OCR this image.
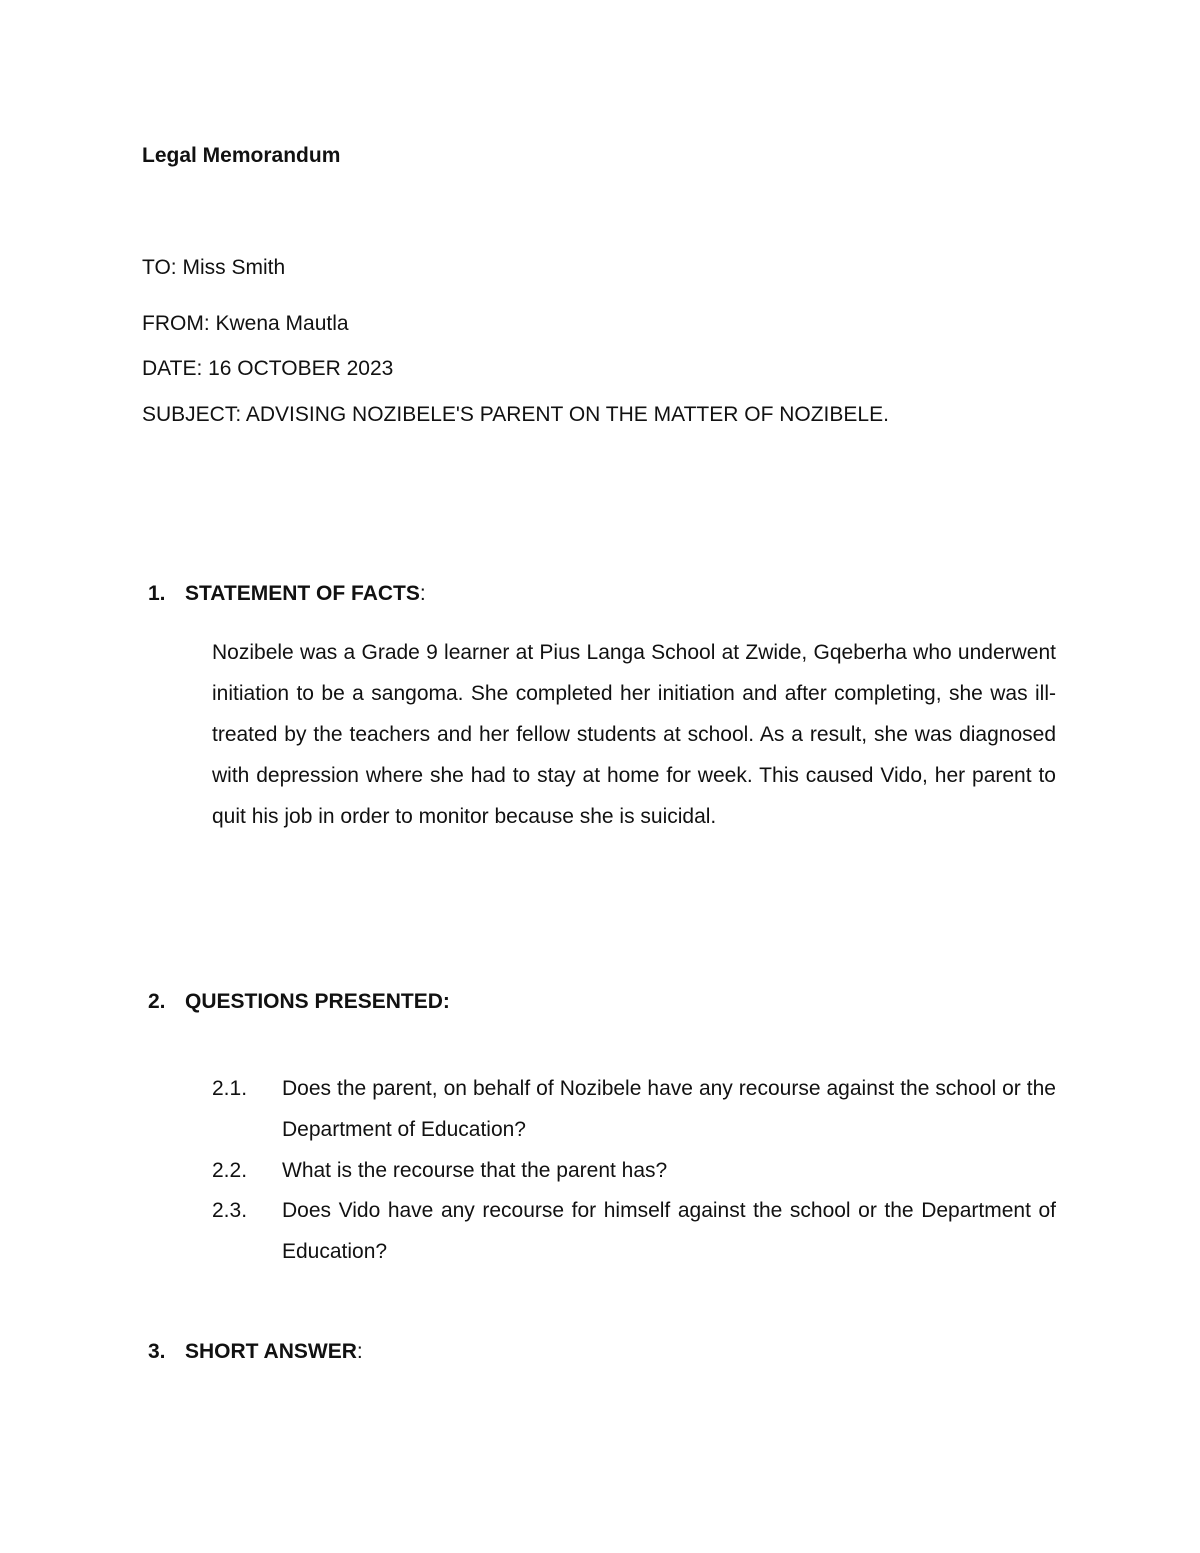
Legal Memorandum
TO: Miss Smith
FROM: Kwena Mautla
DATE: 16 OCTOBER 2023
SUBJECT: ADVISING NOZIBELE'S PARENT ON THE MATTER OF NOZIBELE.
1. STATEMENT OF FACTS:

Nozibele was a Grade 9 learner at Pius Langa School at Zwide, Gqeberha who underwent initiation to be a sangoma. She completed her initiation and after completing, she was ill-treated by the teachers and her fellow students at school. As a result, she was diagnosed with depression where she had to stay at home for week. This caused Vido, her parent to quit his job in order to monitor because she is suicidal.

2. QUESTIONS PRESENTED:
2.1. Does the parent, on behalf of Nozibele have any recourse against the school or the Department of Education?
2.2. What is the recourse that the parent has?
2.3. Does Vido have any recourse for himself against the school or the Department of Education?
3. SHORT ANSWER:
